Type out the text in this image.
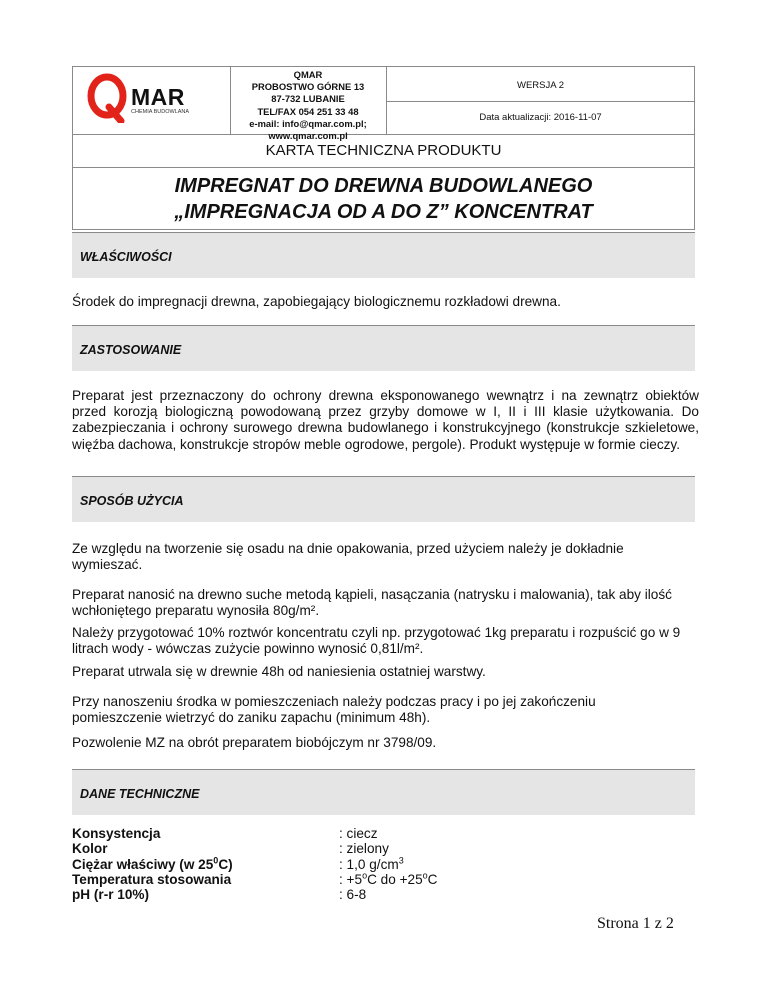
MAR
CHEMIA BUDOWLANA
QMAR
PROBOSTWO GÓRNE 13
87-732 LUBANIE
TEL/FAX 054 251 33 48
e-mail: info@qmar.com.pl;
www.qmar.com.pl
WERSJA 2
Data aktualizacji: 2016-11-07
KARTA TECHNICZNA PRODUKTU
IMPREGNAT DO DREWNA BUDOWLANEGO
„IMPREGNACJA OD A DO Z” KONCENTRAT
WŁAŚCIWOŚCI
Środek do impregnacji drewna, zapobiegający biologicznemu rozkładowi drewna.
ZASTOSOWANIE
Preparat jest przeznaczony do ochrony drewna eksponowanego wewnątrz i na zewnątrz obiektów przed korozją biologiczną powodowaną przez grzyby domowe w I, II i III klasie użytkowania. Do zabezpieczania i ochrony surowego drewna budowlanego i konstrukcyjnego (konstrukcje szkieletowe, więźba dachowa, konstrukcje stropów meble ogrodowe, pergole). Produkt występuje w formie cieczy.
SPOSÓB UŻYCIA
Ze względu na tworzenie się osadu na dnie opakowania, przed użyciem należy je dokładnie wymieszać.
Preparat nanosić na drewno suche metodą kąpieli, nasączania (natrysku i malowania), tak aby ilość wchłoniętego preparatu wynosiła 80g/m².
Należy przygotować 10% roztwór koncentratu czyli np. przygotować 1kg preparatu i rozpuścić go w 9 litrach wody - wówczas zużycie powinno wynosić 0,81l/m².
Preparat utrwala się w drewnie 48h od naniesienia ostatniej warstwy.
Przy nanoszeniu środka w pomieszczeniach należy podczas pracy i po jej zakończeniu pomieszczenie wietrzyć do zaniku zapachu (minimum 48h).
Pozwolenie MZ na obrót preparatem biobójczym nr 3798/09.
DANE TECHNICZNE
Konsystencja
Kolor
Ciężar właściwy (w $25^0C$)
Temperatura stosowania
pH (r-r 10%)
: ciecz
: zielony
: 1,0 $g/cm^3$
: $+5^oC$ do $+25^oC$
: 6-8
Strona 1 z 2
